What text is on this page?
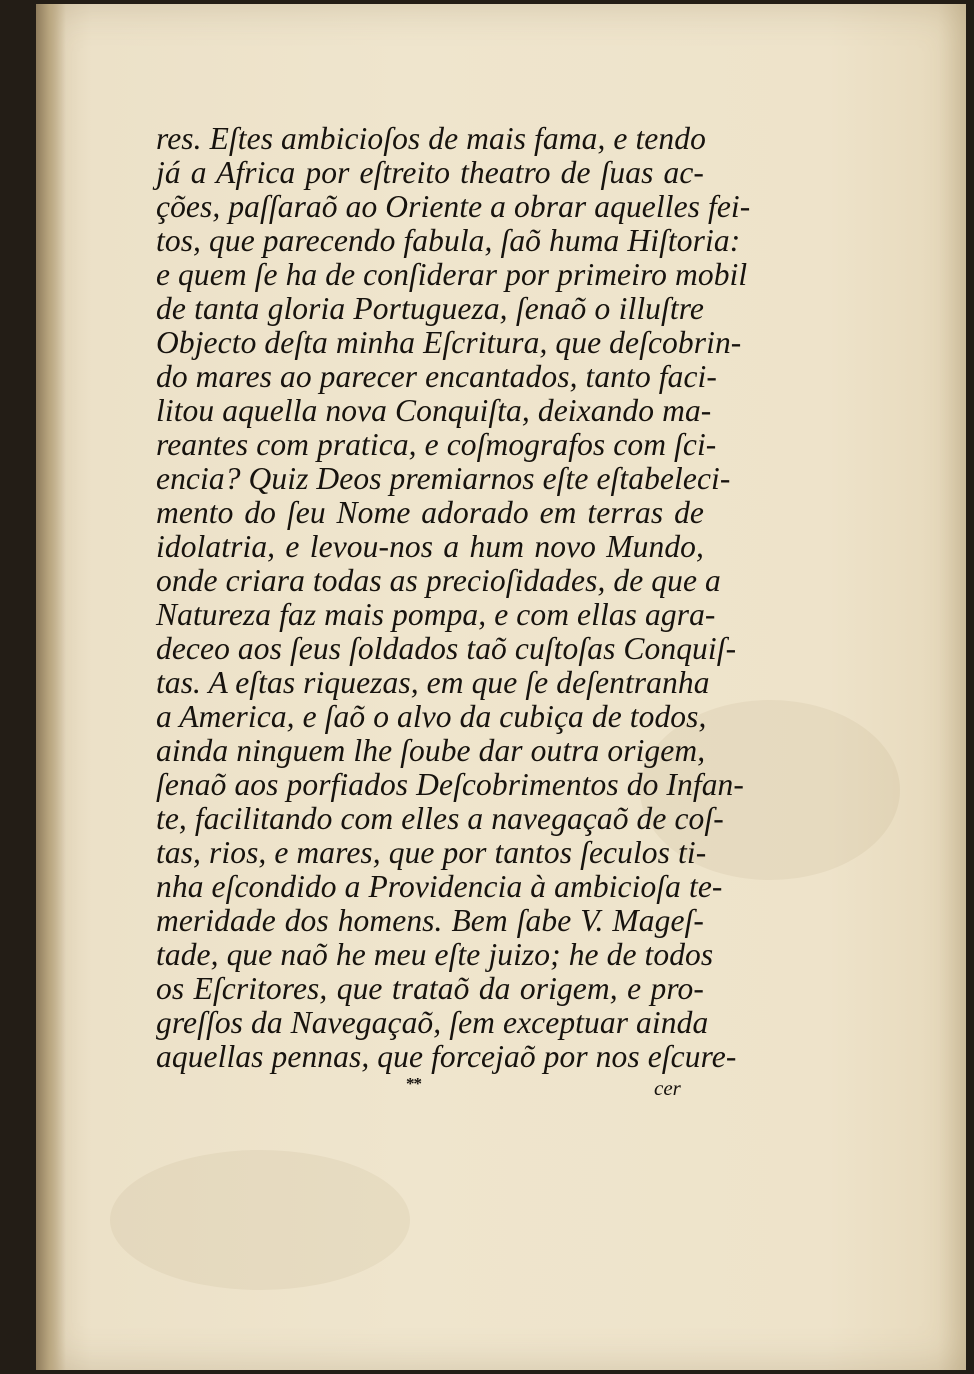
res. Eſtes ambicioſos de mais fama, e tendo
já a Africa por eſtreito theatro de ſuas ac-
ções, paſſaraõ ao Oriente a obrar aquelles fei-
tos, que parecendo fabula, ſaõ huma Hiſtoria:
e quem ſe ha de conſiderar por primeiro mobil
de tanta gloria Portugueza, ſenaõ o illuſtre
Objecto deſta minha Eſcritura, que deſcobrin-
do mares ao parecer encantados, tanto faci-
litou aquella nova Conquiſta, deixando ma-
reantes com pratica, e coſmografos com ſci-
encia? Quiz Deos premiarnos eſte eſtabeleci-
mento do ſeu Nome adorado em terras de
idolatria, e levou-nos a hum novo Mundo,
onde criara todas as precioſidades, de que a
Natureza faz mais pompa, e com ellas agra-
deceo aos ſeus ſoldados taõ cuſtoſas Conquiſ-
tas. A eſtas riquezas, em que ſe deſentranha
a America, e ſaõ o alvo da cubiça de todos,
ainda ninguem lhe ſoube dar outra origem,
ſenaõ aos porfiados Deſcobrimentos do Infan-
te, facilitando com elles a navegaçaõ de coſ-
tas, rios, e mares, que por tantos ſeculos ti-
nha eſcondido a Providencia à ambicioſa te-
meridade dos homens. Bem ſabe V. Mageſ-
tade, que naõ he meu eſte juizo; he de todos
os Eſcritores, que trataõ da origem, e pro-
greſſos da Navegaçaõ, ſem exceptuar ainda
aquellas pennas, que forcejaõ por nos eſcure-
**	cer
